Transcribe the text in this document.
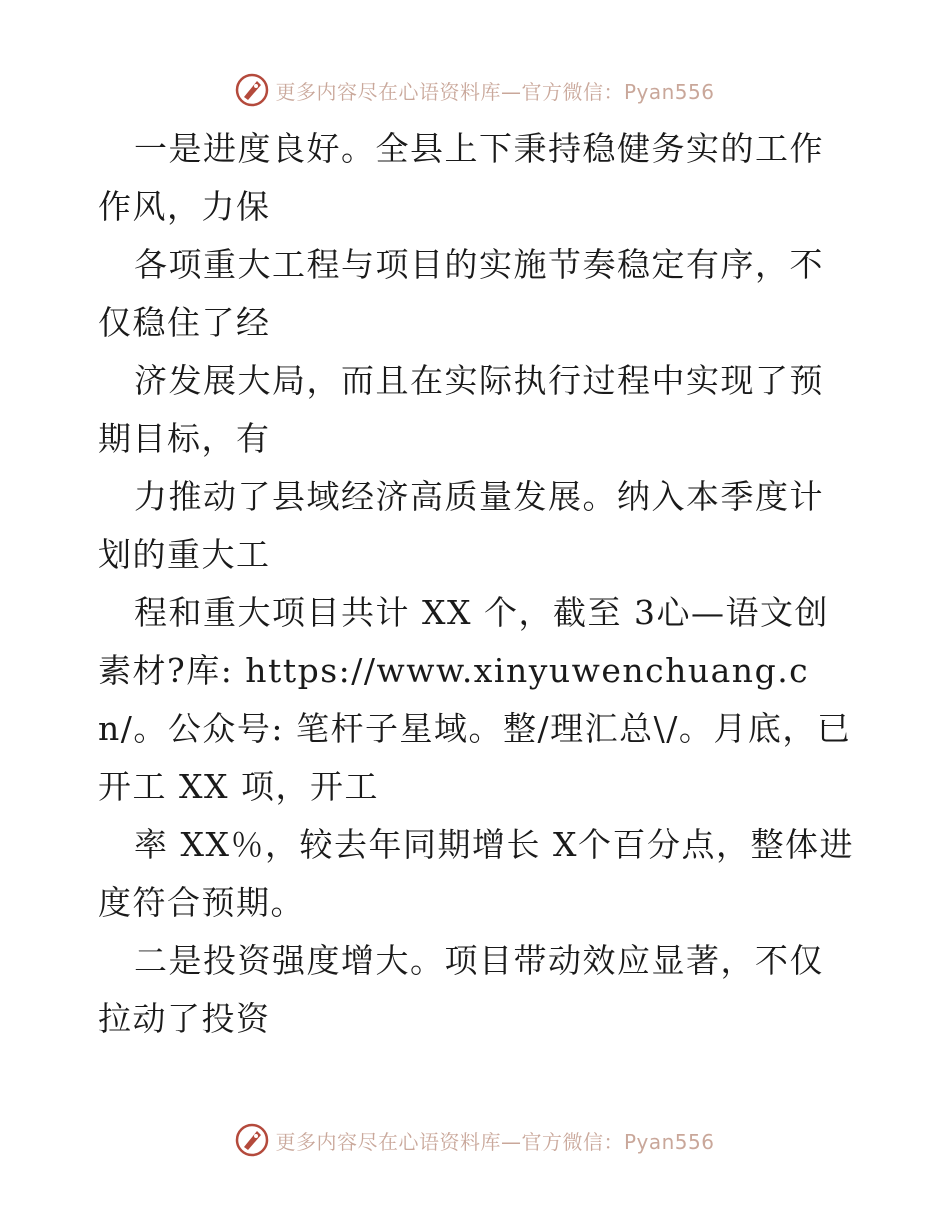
更多内容尽在心语资料库—官方微信：Pyan556

一是进度良好。全县上下秉持稳健务实的工作作风，力保

各项重大工程与项目的实施节奏稳定有序，不仅稳住了经

济发展大局，而且在实际执行过程中实现了预期目标，有

力推动了县域经济高质量发展。纳入本季度计划的重大工

程和重大项目共计 XX 个，截至 3心—语文创素材?库: https://www.xinyuwenchuang.cn/。公众号: 笔杆子星域。整/理汇总\/。月底，已开工 XX 项，开工

率 XX％，较去年同期增长 X个百分点，整体进度符合预期。

二是投资强度增大。项目带动效应显著，不仅拉动了投资

更多内容尽在心语资料库—官方微信：Pyan556
